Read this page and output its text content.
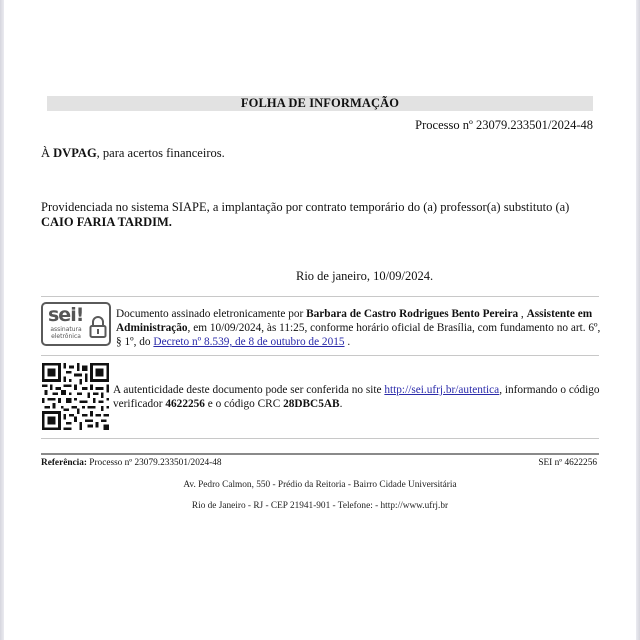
FOLHA DE INFORMAÇÃO
Processo nº 23079.233501/2024-48
À DVPAG, para acertos financeiros.
Providenciada no sistema SIAPE, a implantação por contrato temporário do (a) professor(a) substituto (a) CAIO FARIA TARDIM.
Rio de janeiro, 10/09/2024.
sei!
assinatura
eletrônica
Documento assinado eletronicamente por Barbara de Castro Rodrigues Bento Pereira , Assistente em Administração, em 10/09/2024, às 11:25, conforme horário oficial de Brasília, com fundamento no art. 6º, § 1º, do Decreto nº 8.539, de 8 de outubro de 2015 .
A autenticidade deste documento pode ser conferida no site http://sei.ufrj.br/autentica, informando o código verificador 4622256 e o código CRC 28DBC5AB.
Referência: Processo nº 23079.233501/2024-48	SEI nº 4622256
Av. Pedro Calmon, 550 - Prédio da Reitoria - Bairro Cidade Universitária
Rio de Janeiro - RJ - CEP 21941-901 - Telefone: - http://www.ufrj.br
